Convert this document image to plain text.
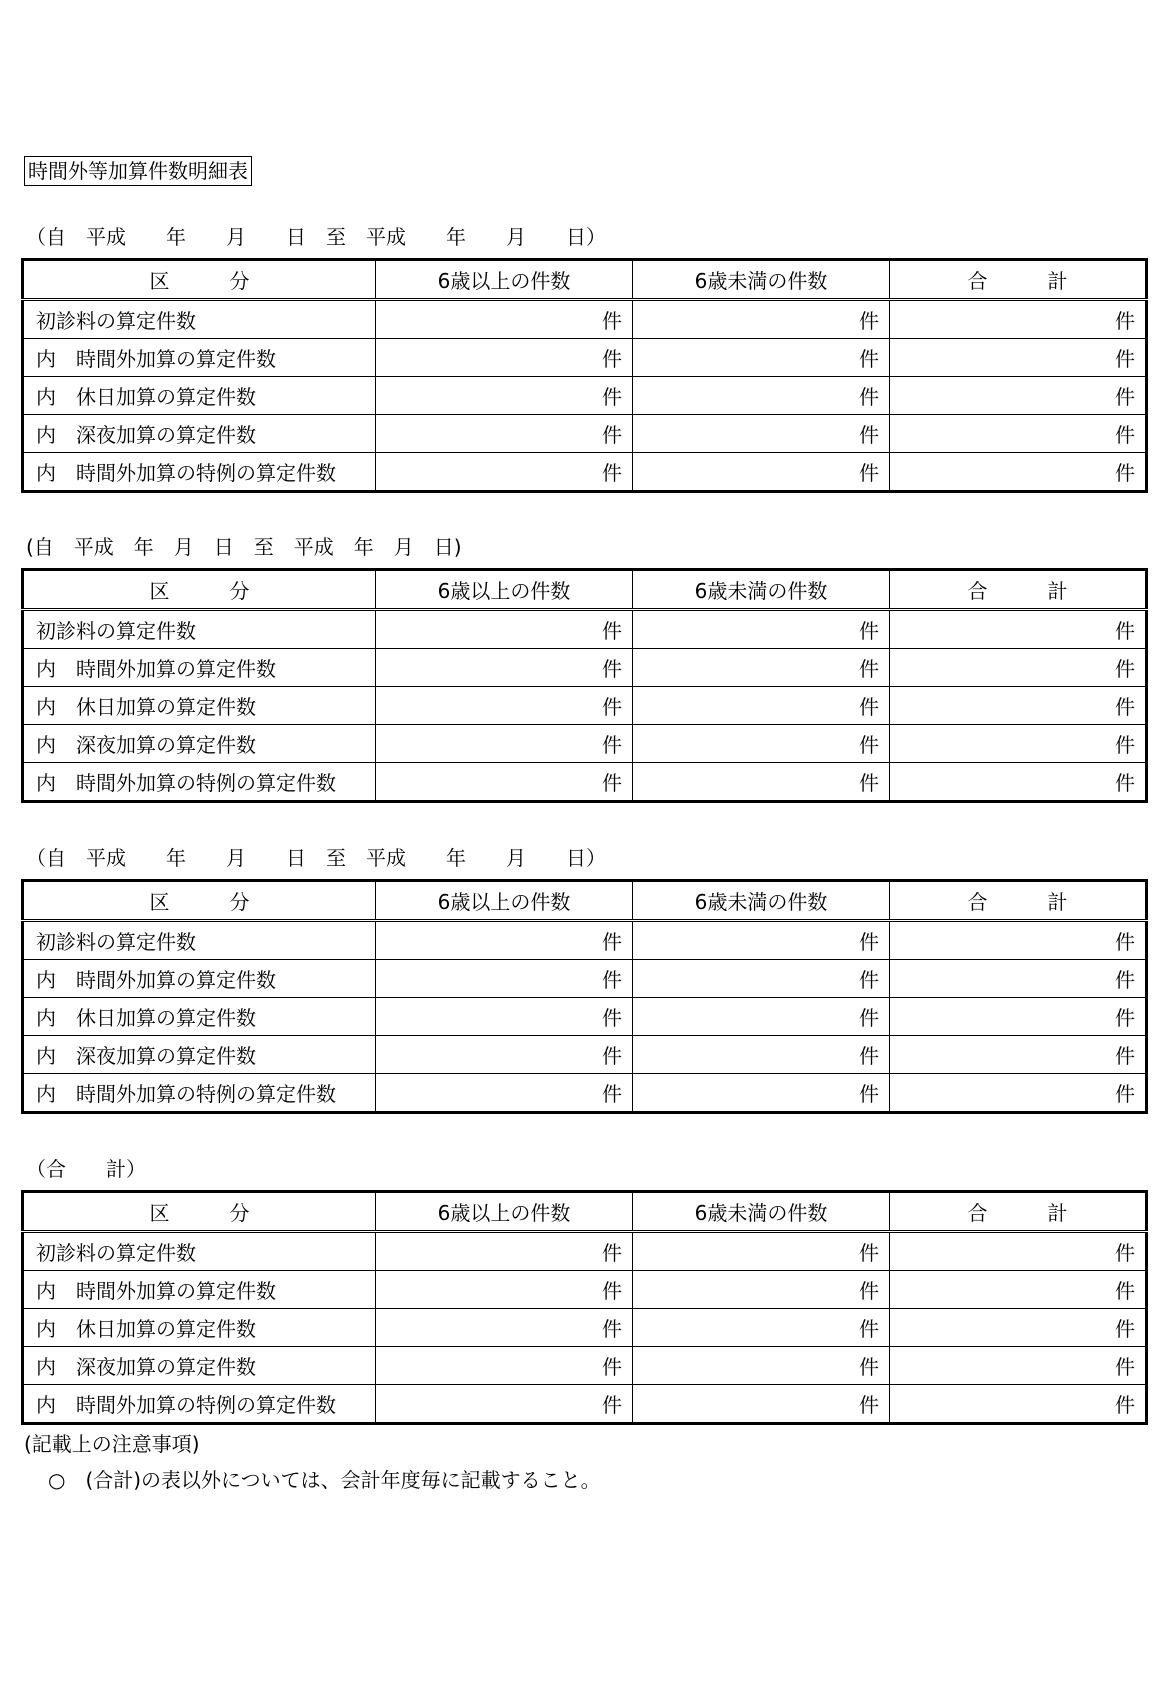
時間外等加算件数明細表
（自　平成　　年　　月　　日　至　平成　　年　　月　　日）
区　　　分	6歳以上の件数	6歳未満の件数	合　　　計
初診料の算定件数	件	件	件
内　時間外加算の算定件数	件	件	件
内　休日加算の算定件数	件	件	件
内　深夜加算の算定件数	件	件	件
内　時間外加算の特例の算定件数	件	件	件
(自　平成　年　月　日　至　平成　年　月　日)
区　　　分	6歳以上の件数	6歳未満の件数	合　　　計
初診料の算定件数	件	件	件
内　時間外加算の算定件数	件	件	件
内　休日加算の算定件数	件	件	件
内　深夜加算の算定件数	件	件	件
内　時間外加算の特例の算定件数	件	件	件
（自　平成　　年　　月　　日　至　平成　　年　　月　　日）
区　　　分	6歳以上の件数	6歳未満の件数	合　　　計
初診料の算定件数	件	件	件
内　時間外加算の算定件数	件	件	件
内　休日加算の算定件数	件	件	件
内　深夜加算の算定件数	件	件	件
内　時間外加算の特例の算定件数	件	件	件
（合　　計）
区　　　分	6歳以上の件数	6歳未満の件数	合　　　計
初診料の算定件数	件	件	件
内　時間外加算の算定件数	件	件	件
内　休日加算の算定件数	件	件	件
内　深夜加算の算定件数	件	件	件
内　時間外加算の特例の算定件数	件	件	件
(記載上の注意事項)
○　(合計)の表以外については、会計年度毎に記載すること。
